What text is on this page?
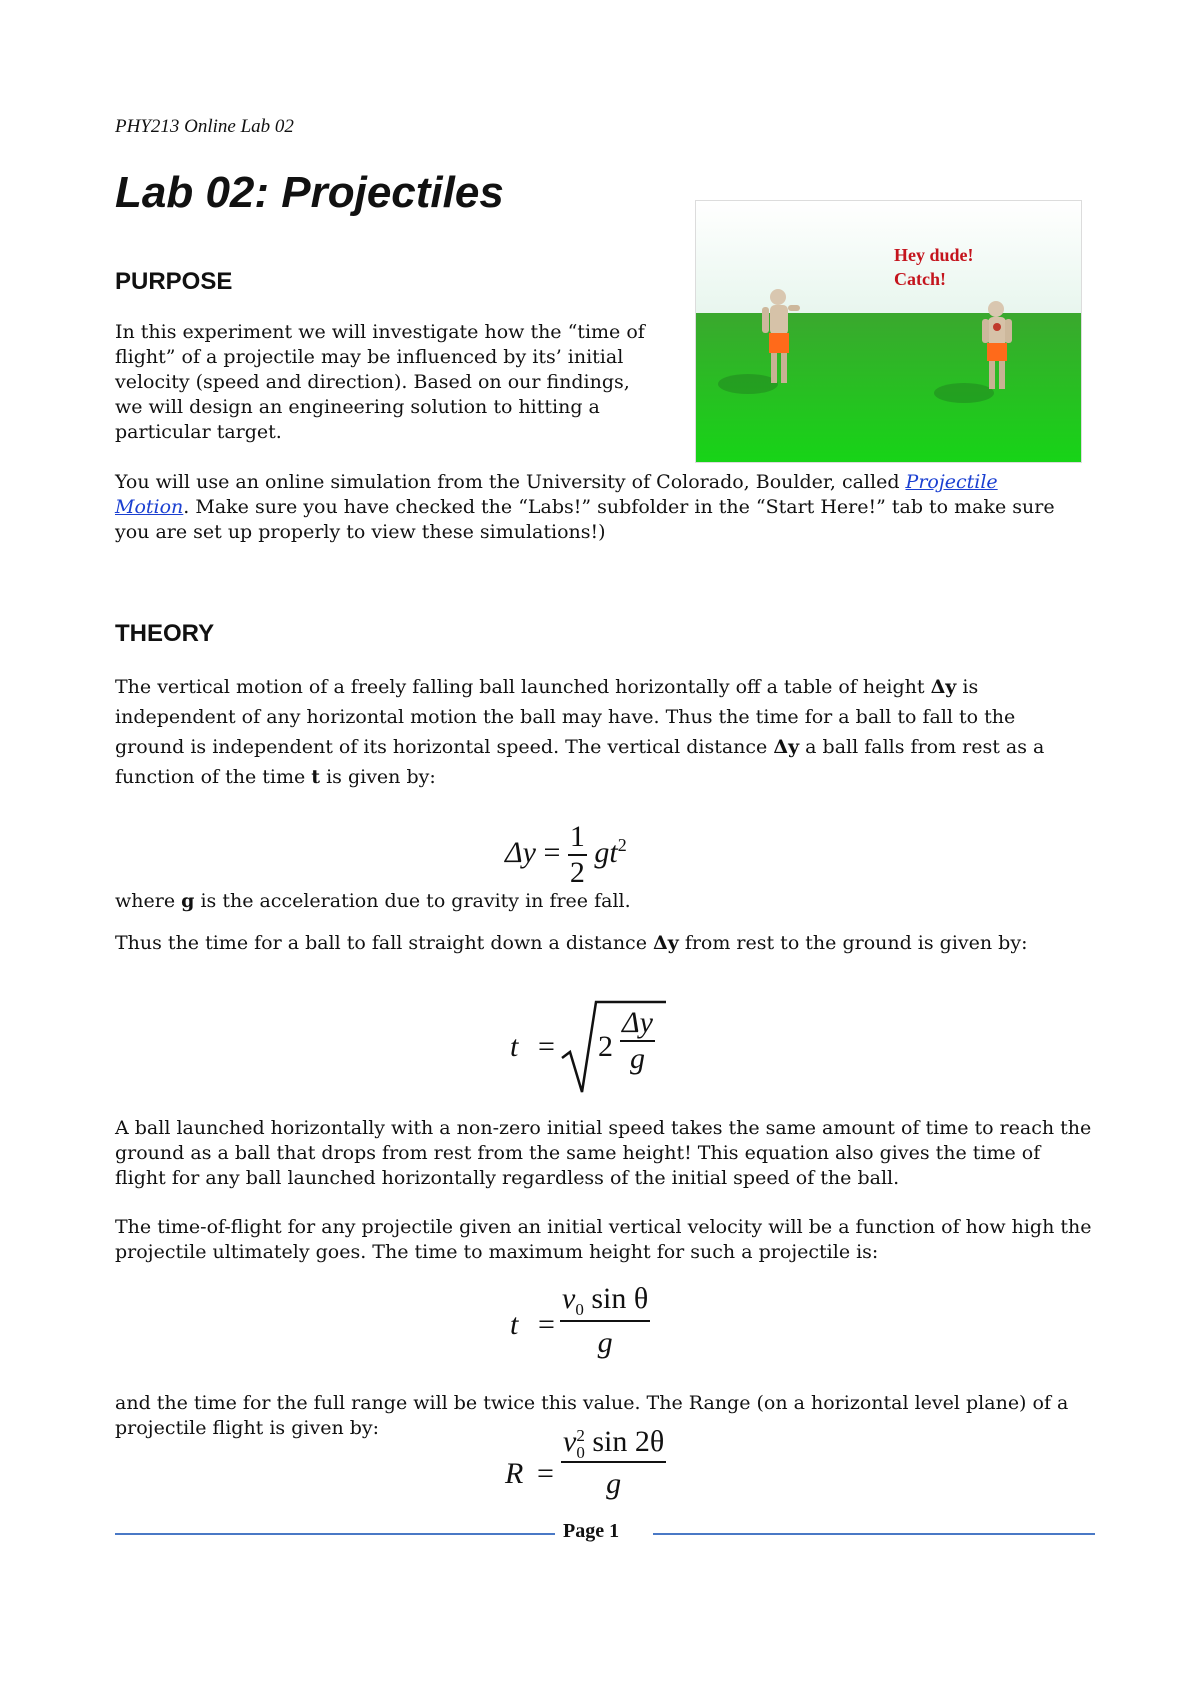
PHY213 Online Lab 02
Lab 02: Projectiles
PURPOSE
In this experiment we will investigate how the “time of flight” of a projectile may be influenced by its’ initial velocity (speed and direction). Based on our findings, we will design an engineering solution to hitting a particular target.
Hey dude!
Catch!
You will use an online simulation from the University of Colorado, Boulder, called Projectile Motion. Make sure you have checked the “Labs!” subfolder in the “Start Here!” tab to make sure you are set up properly to view these simulations!)
THEORY
The vertical motion of a freely falling ball launched horizontally off a table of height Δy is independent of any horizontal motion the ball may have. Thus the time for a ball to fall to the ground is independent of its horizontal speed. The vertical distance Δy a ball falls from rest as a function of the time t is given by:
$\Delta y = \frac{1}{2} gt^2$
where g is the acceleration due to gravity in free fall.
Thus the time for a ball to fall straight down a distance Δy from rest to the ground is given by:
$t = 2 \frac{\Delta y}{g}$
A ball launched horizontally with a non-zero initial speed takes the same amount of time to reach the ground as a ball that drops from rest from the same height! This equation also gives the time of flight for any ball launched horizontally regardless of the initial speed of the ball.
The time-of-flight for any projectile given an initial vertical velocity will be a function of how high the projectile ultimately goes. The time to maximum height for such a projectile is:
$t = \frac{v_0 \sin \theta}{g}$
and the time for the full range will be twice this value. The Range (on a horizontal level plane) of a projectile flight is given by:
R = v 2
0 sin 2θ
g
Page 1
